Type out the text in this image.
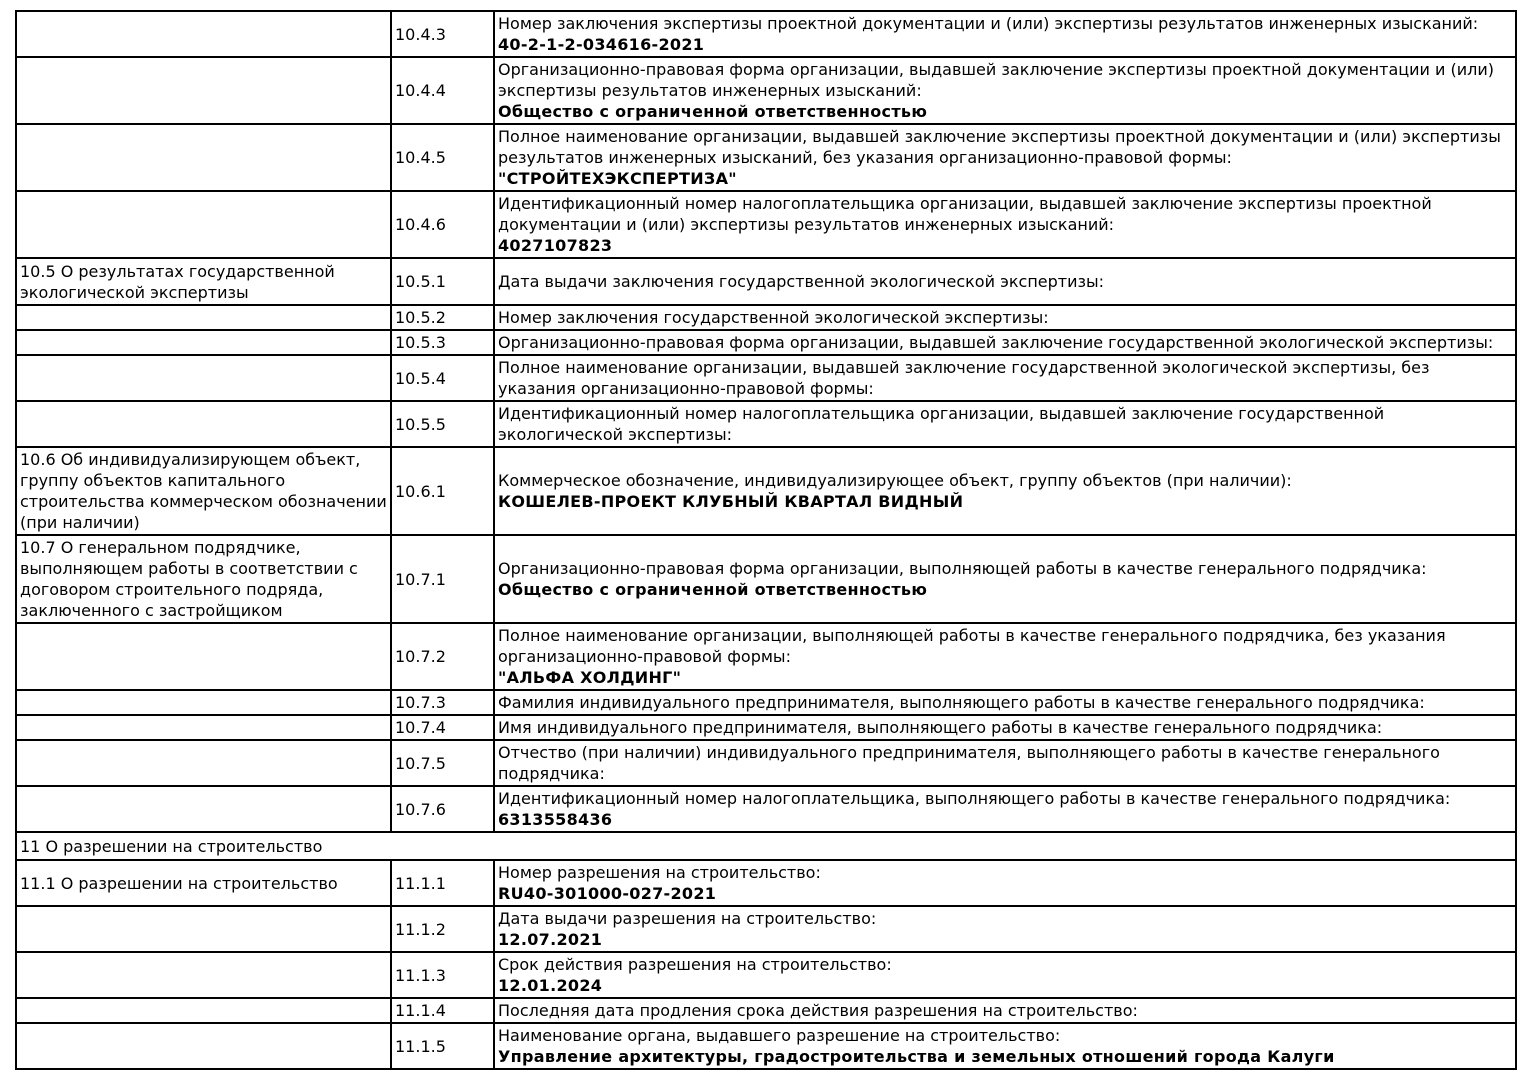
	10.4.3	Номер заключения экспертизы проектной документации и (или) экспертизы результатов инженерных изысканий:
40-2-1-2-034616-2021

	10.4.4	Организационно-правовая форма организации, выдавшей заключение экспертизы проектной документации и (или) экспертизы результатов инженерных изысканий:
Общество с ограниченной ответственностью

	10.4.5	Полное наименование организации, выдавшей заключение экспертизы проектной документации и (или) экспертизы результатов инженерных изысканий, без указания организационно-правовой формы:
"СТРОЙТЕХЭКСПЕРТИЗА"

	10.4.6	Идентификационный номер налогоплательщика организации, выдавшей заключение экспертизы проектной документации и (или) экспертизы результатов инженерных изысканий:
4027107823

10.5 О результатах государственной экологической экспертизы	10.5.1	Дата выдачи заключения государственной экологической экспертизы:

	10.5.2	Номер заключения государственной экологической экспертизы:

	10.5.3	Организационно-правовая форма организации, выдавшей заключение государственной экологической экспертизы:

	10.5.4	Полное наименование организации, выдавшей заключение государственной экологической экспертизы, без указания организационно-правовой формы:

	10.5.5	Идентификационный номер налогоплательщика организации, выдавшей заключение государственной экологической экспертизы:

10.6 Об индивидуализирующем объект, группу объектов капитального строительства коммерческом обозначении (при наличии)	10.6.1	Коммерческое обозначение, индивидуализирующее объект, группу объектов (при наличии):
КОШЕЛЕВ-ПРОЕКТ КЛУБНЫЙ КВАРТАЛ ВИДНЫЙ

10.7 О генеральном подрядчике, выполняющем работы в соответствии с договором строительного подряда, заключенного с застройщиком	10.7.1	Организационно-правовая форма организации, выполняющей работы в качестве генерального подрядчика:
Общество с ограниченной ответственностью

	10.7.2	Полное наименование организации, выполняющей работы в качестве генерального подрядчика, без указания организационно-правовой формы:
"АЛЬФА ХОЛДИНГ"

	10.7.3	Фамилия индивидуального предпринимателя, выполняющего работы в качестве генерального подрядчика:

	10.7.4	Имя индивидуального предпринимателя, выполняющего работы в качестве генерального подрядчика:

	10.7.5	Отчество (при наличии) индивидуального предпринимателя, выполняющего работы в качестве генерального подрядчика:

	10.7.6	Идентификационный номер налогоплательщика, выполняющего работы в качестве генерального подрядчика:
6313558436

11 О разрешении на строительство		
11.1 О разрешении на строительство	11.1.1	Номер разрешения на строительство:
RU40-301000-027-2021

	11.1.2	Дата выдачи разрешения на строительство:
12.07.2021

	11.1.3	Срок действия разрешения на строительство:
12.01.2024

	11.1.4	Последняя дата продления срока действия разрешения на строительство:

	11.1.5	Наименование органа, выдавшего разрешение на строительство:
Управление архитектуры, градостроительства и земельных отношений города Калуги
